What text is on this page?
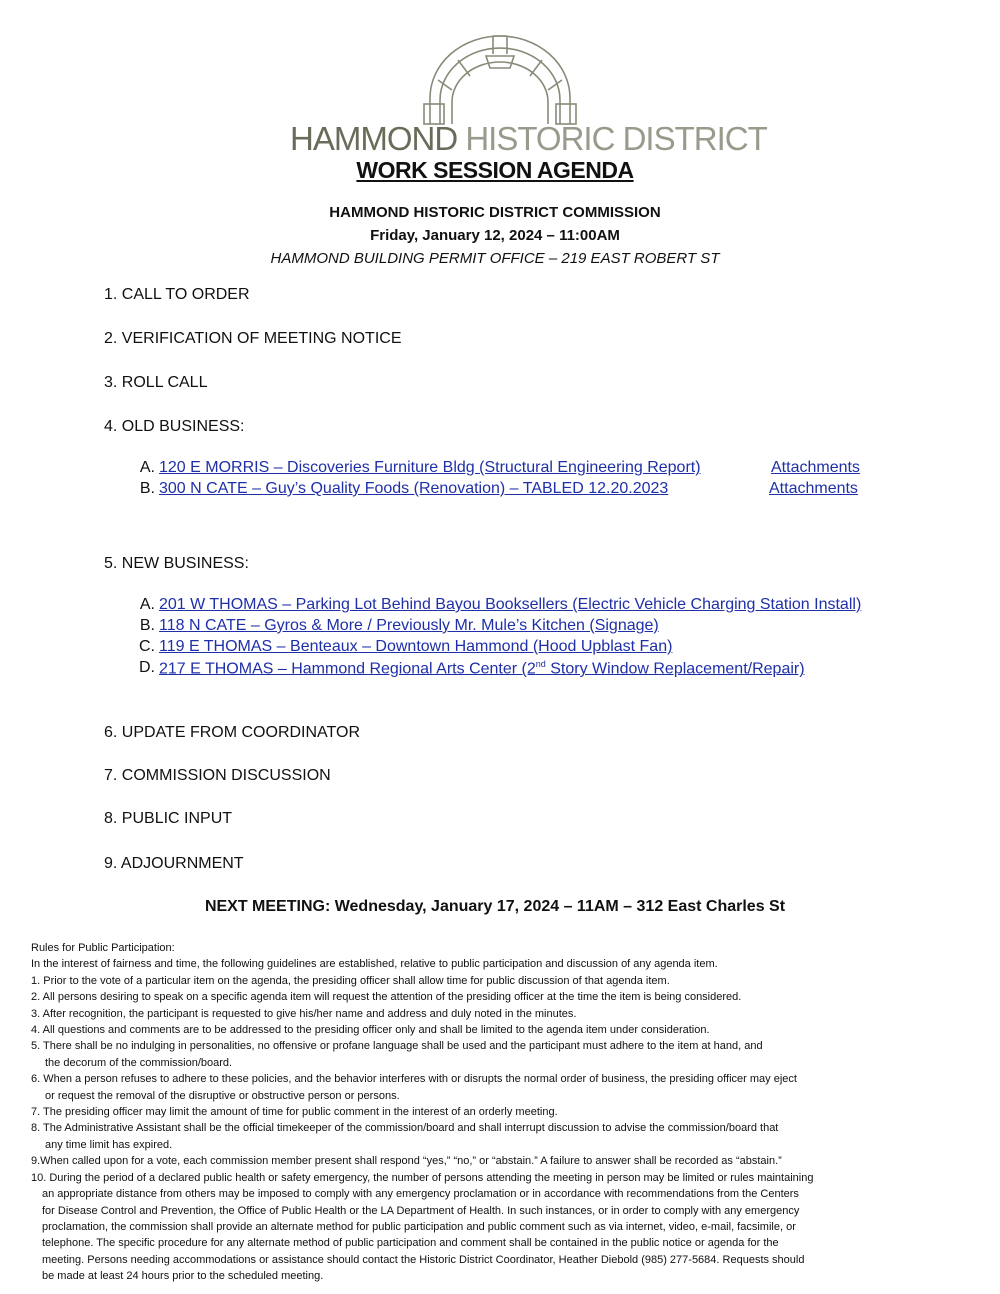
HAMMOND HISTORIC DISTRICT
WORK SESSION AGENDA
HAMMOND HISTORIC DISTRICT COMMISSION
Friday, January 12, 2024 – 11:00AM
HAMMOND BUILDING PERMIT OFFICE – 219 EAST ROBERT ST
1. CALL TO ORDER
2. VERIFICATION OF MEETING NOTICE
3. ROLL CALL
4. OLD BUSINESS:
A. 120 E MORRIS – Discoveries Furniture Bldg (Structural Engineering Report)	Attachments
B. 300 N CATE – Guy’s Quality Foods (Renovation) – TABLED 12.20.2023	Attachments
5. NEW BUSINESS:
A. 201 W THOMAS – Parking Lot Behind Bayou Booksellers (Electric Vehicle Charging Station Install)
B. 118 N CATE – Gyros & More / Previously Mr. Mule’s Kitchen (Signage)
C. 119 E THOMAS – Benteaux – Downtown Hammond (Hood Upblast Fan)
D. 217 E THOMAS – Hammond Regional Arts Center (2nd Story Window Replacement/Repair)
6. UPDATE FROM COORDINATOR
7. COMMISSION DISCUSSION
8. PUBLIC INPUT
9. ADJOURNMENT
NEXT MEETING: Wednesday, January 17, 2024 – 11AM – 312 East Charles St
Rules for Public Participation:
In the interest of fairness and time, the following guidelines are established, relative to public participation and discussion of any agenda item.
1. Prior to the vote of a particular item on the agenda, the presiding officer shall allow time for public discussion of that agenda item.
2. All persons desiring to speak on a specific agenda item will request the attention of the presiding officer at the time the item is being considered.
3. After recognition, the participant is requested to give his/her name and address and duly noted in the minutes.
4. All questions and comments are to be addressed to the presiding officer only and shall be limited to the agenda item under consideration.
5. There shall be no indulging in personalities, no offensive or profane language shall be used and the participant must adhere to the item at hand, and
the decorum of the commission/board.
6. When a person refuses to adhere to these policies, and the behavior interferes with or disrupts the normal order of business, the presiding officer may eject
or request the removal of the disruptive or obstructive person or persons.
7. The presiding officer may limit the amount of time for public comment in the interest of an orderly meeting.
8. The Administrative Assistant shall be the official timekeeper of the commission/board and shall interrupt discussion to advise the commission/board that
any time limit has expired.
9.When called upon for a vote, each commission member present shall respond “yes,” “no,” or “abstain.” A failure to answer shall be recorded as “abstain.”
10. During the period of a declared public health or safety emergency, the number of persons attending the meeting in person may be limited or rules maintaining
an appropriate distance from others may be imposed to comply with any emergency proclamation or in accordance with recommendations from the Centers
for Disease Control and Prevention, the Office of Public Health or the LA Department of Health. In such instances, or in order to comply with any emergency
proclamation, the commission shall provide an alternate method for public participation and public comment such as via internet, video, e-mail, facsimile, or
telephone. The specific procedure for any alternate method of public participation and comment shall be contained in the public notice or agenda for the
meeting. Persons needing accommodations or assistance should contact the Historic District Coordinator, Heather Diebold (985) 277-5684. Requests should
be made at least 24 hours prior to the scheduled meeting.
